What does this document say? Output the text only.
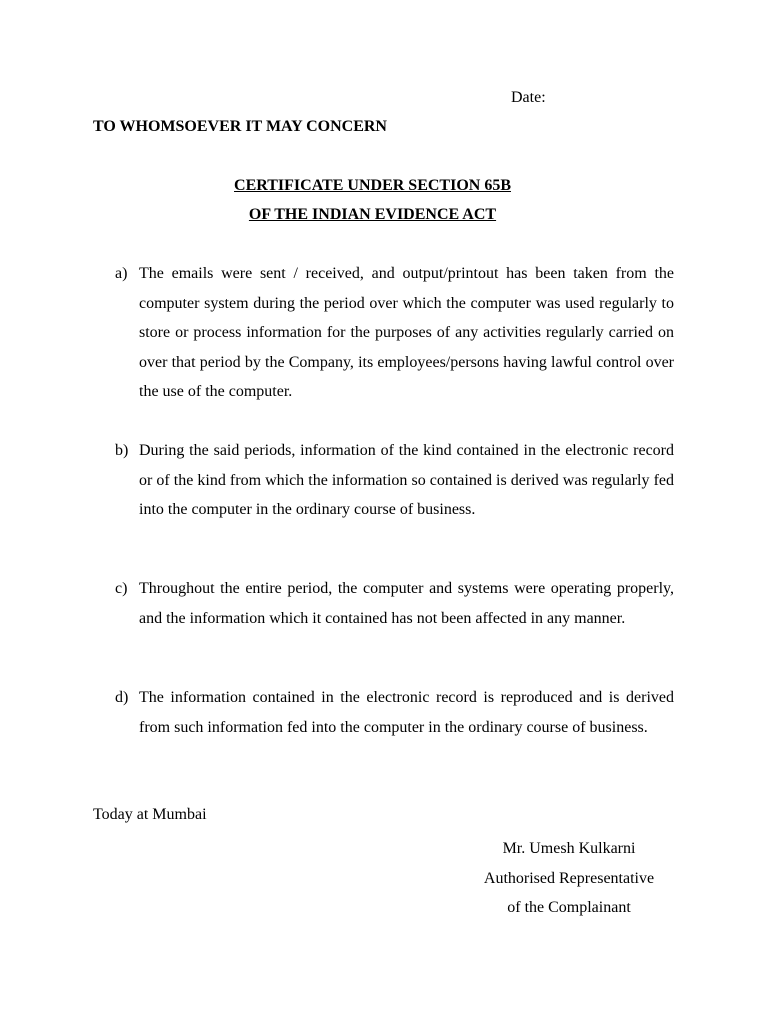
Date:
TO WHOMSOEVER IT MAY CONCERN
CERTIFICATE UNDER SECTION 65B
OF THE INDIAN EVIDENCE ACT
a) The emails were sent / received, and output/printout has been taken from the computer system during the period over which the computer was used regularly to store or process information for the purposes of any activities regularly carried on over that period by the Company, its employees/persons having lawful control over the use of the computer.
b) During the said periods, information of the kind contained in the electronic record or of the kind from which the information so contained is derived was regularly fed into the computer in the ordinary course of business.
c) Throughout the entire period, the computer and systems were operating properly, and the information which it contained has not been affected in any manner.
d) The information contained in the electronic record is reproduced and is derived from such information fed into the computer in the ordinary course of business.
Today at Mumbai
Mr. Umesh Kulkarni
Authorised Representative
of the Complainant
